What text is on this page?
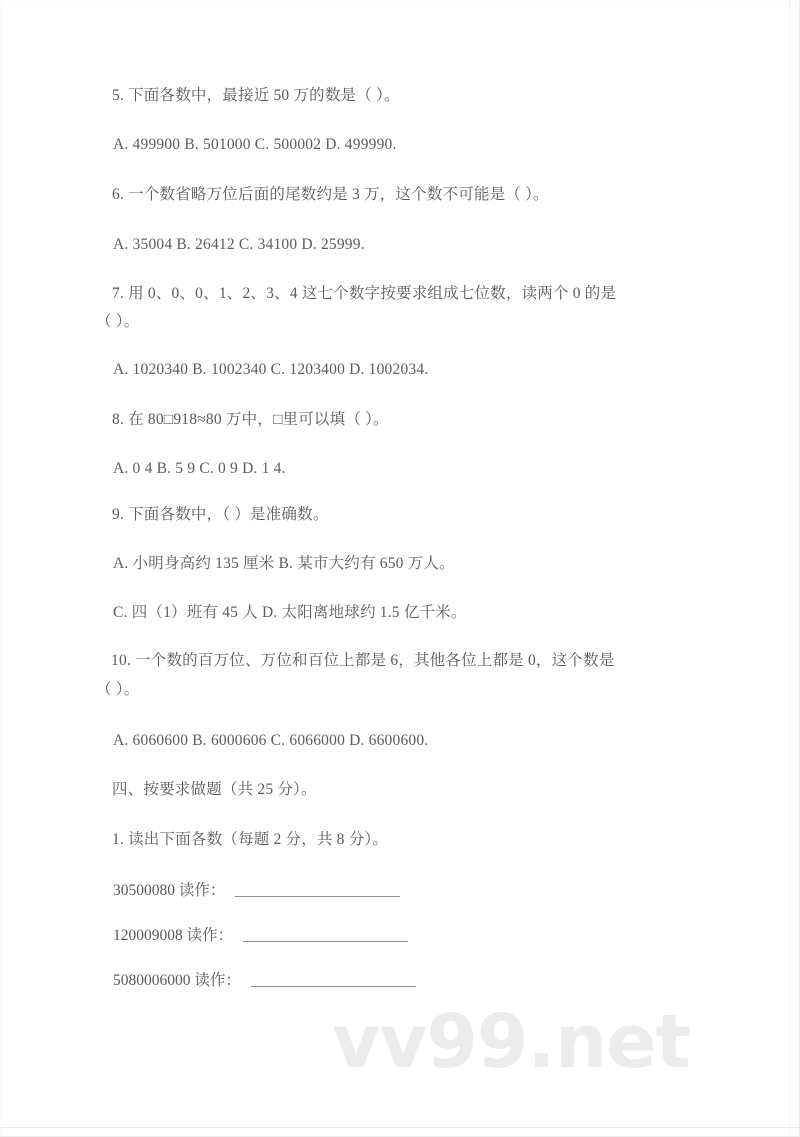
5. 下面各数中，最接近 50 万的数是（ ）。
A. 499900 B. 501000 C. 500002 D. 499990.
6. 一个数省略万位后面的尾数约是 3 万，这个数不可能是（ ）。
A. 35004 B. 26412 C. 34100 D. 25999.
7. 用 0、0、0、1、2、3、4 这七个数字按要求组成七位数，读两个 0 的是
（ ）。
A. 1020340 B. 1002340 C. 1203400 D. 1002034.
8. 在 80□918≈80 万中，□里可以填（ ）。
A. 0 4 B. 5 9 C. 0 9 D. 1 4.
9. 下面各数中，（ ）是准确数。
A. 小明身高约 135 厘米 B. 某市大约有 650 万人。
C. 四（1）班有 45 人 D. 太阳离地球约 1.5 亿千米。
10. 一个数的百万位、万位和百位上都是 6，其他各位上都是 0，这个数是
（ ）。
A. 6060600 B. 6000606 C. 6066000 D. 6600600.
四、按要求做题（共 25 分）。
1. 读出下面各数（每题 2 分，共 8 分）。
30500080 读作：
120009008 读作：
5080006000 读作：
vv99.net
